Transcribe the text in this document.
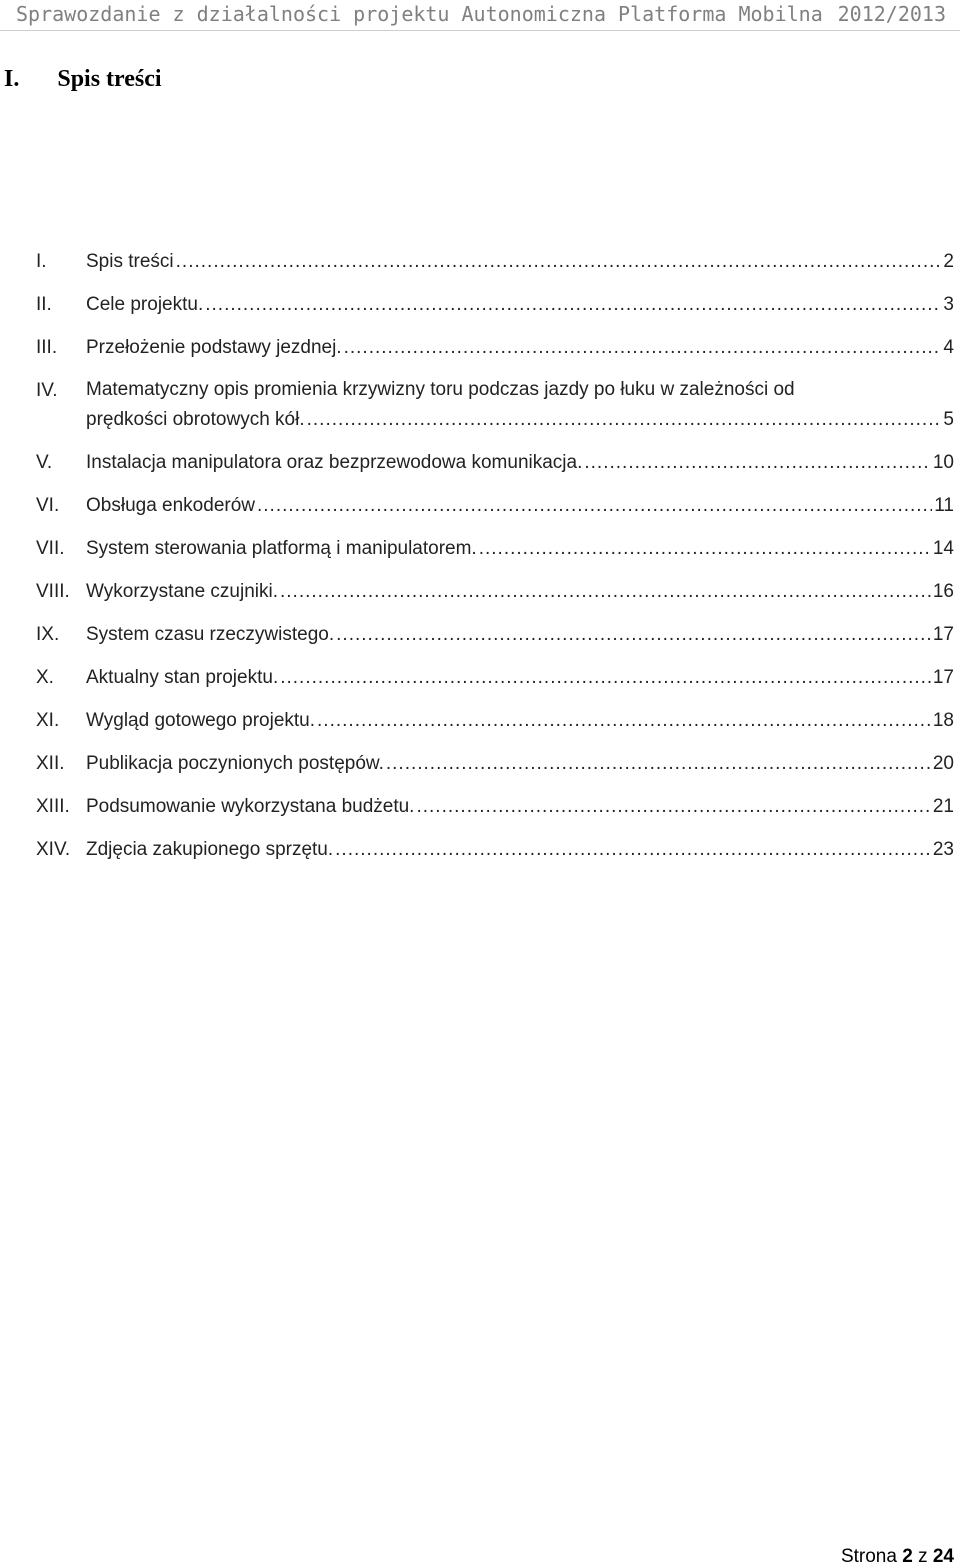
Sprawozdanie z działalności projektu Autonomiczna Platforma Mobilna 2012/2013
I. Spis treści
I.	Spis treści .....	2
II.	Cele projektu. .....	3
III.	Przełożenie podstawy jezdnej. .....	4
IV.	Matematyczny opis promienia krzywizny toru podczas jazdy po łuku w zależności od
prędkości obrotowych kół. .....	5
V.	Instalacja manipulatora oraz bezprzewodowa komunikacja. .....	10
VI.	Obsługa enkoderów .....	11
VII.	System sterowania platformą i manipulatorem. .....	14
VIII. Wykorzystane czujniki. .....	16
IX.	System czasu rzeczywistego. .....	17
X.	Aktualny stan projektu. .....	17
XI.	Wygląd gotowego projektu. .....	18
XII.	Publikacja poczynionych postępów. .....	20
XIII. Podsumowanie wykorzystana budżetu. .....	21
XIV. Zdjęcia zakupionego sprzętu. .....	23
Strona 2 z 24
